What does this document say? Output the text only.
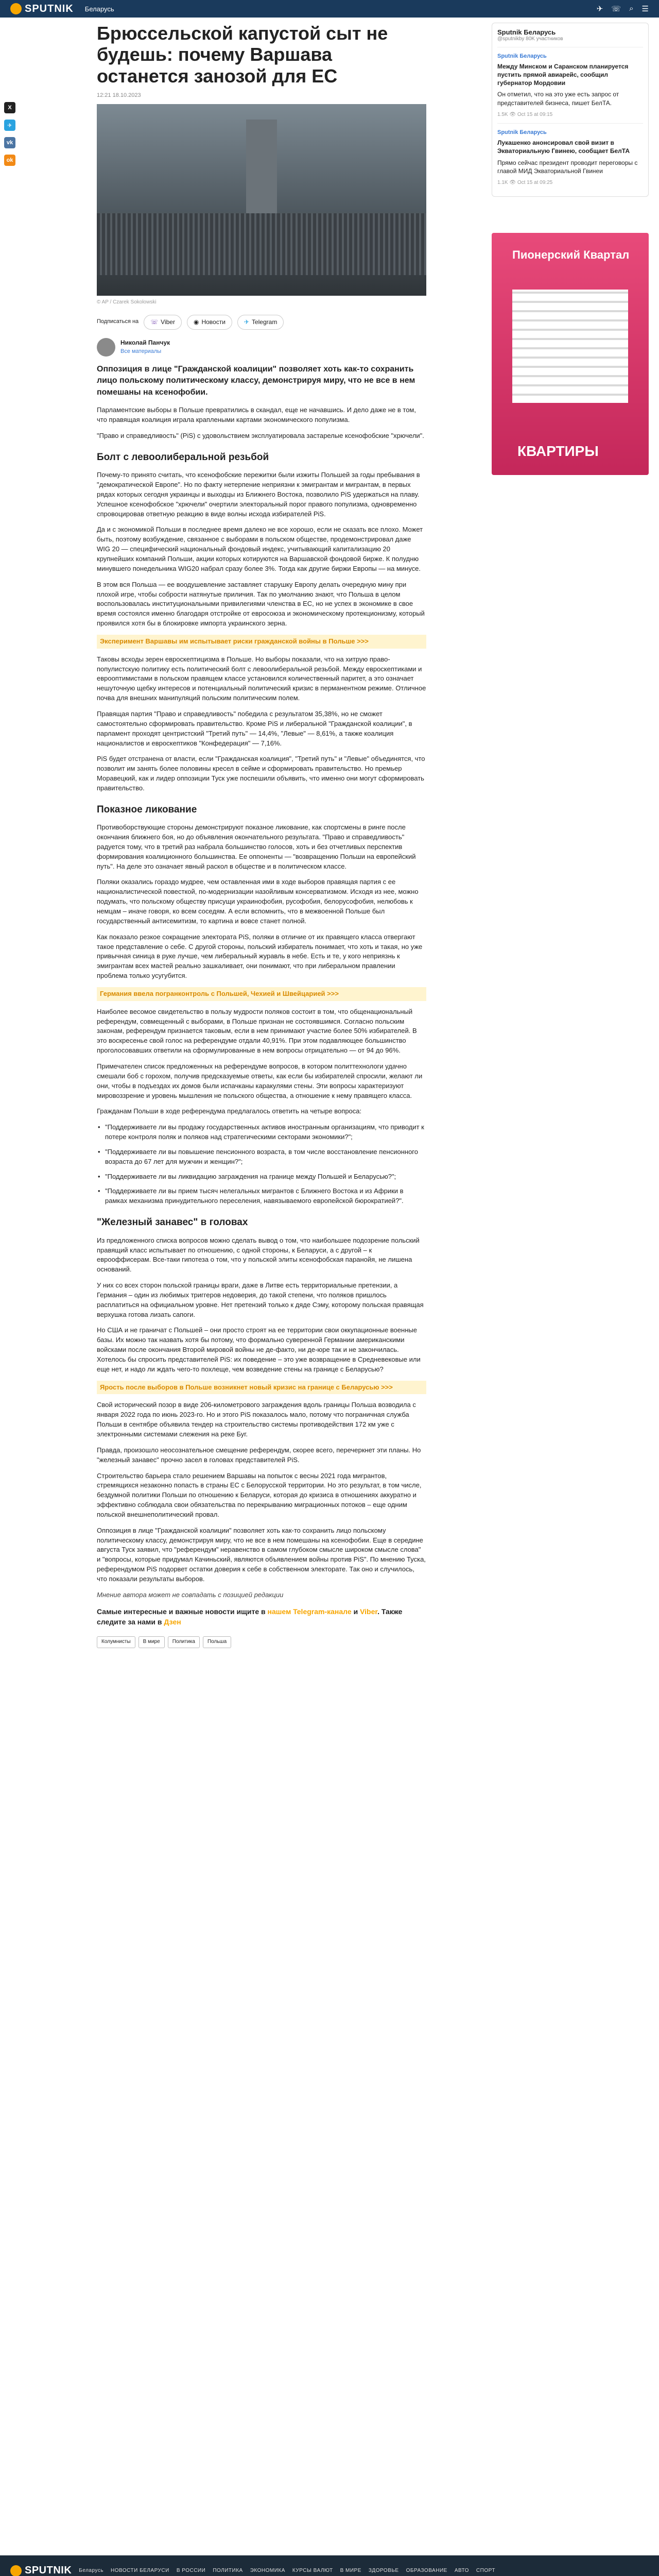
SPUTNIK Беларусь	✈ ☏ ⌕ ☰
X
✈
vk
ok
Брюссельской капустой сыт не будешь: почему Варшава останется занозой для ЕС
12:21 18.10.2023
© AP / Czarek Sokolowski
Подписаться на ☏ Viber	◉ Новости	✈ Telegram
Николай Панчук
Все материалы
Оппозиция в лице "Гражданской коалиции" позволяет хоть как-то сохранить лицо польскому политическому классу, демонстрируя миру, что не все в нем помешаны на ксенофобии.

Парламентские выборы в Польше превратились в скандал, еще не начавшись. И дело даже не в том, что правящая коалиция играла краплеными картами экономического популизма.

"Право и справедливость" (PiS) с удовольствием эксплуатировала застарелые ксенофобские "хрючели".

Болт с левоолиберальной резьбой

Почему-то принято считать, что ксенофобские пережитки были изжиты Польшей за годы пребывания в "демократической Европе". Но по факту нетерпение неприязни к эмигрантам и мигрантам, в первых рядах которых сегодня украинцы и выходцы из Ближнего Востока, позволило PiS удержаться на плаву. Успешное ксенофобское "хрючели" очертили электоральный порог правого популизма, одновременно спровоцировав ответную реакцию в виде волны исхода избирателей PiS.

Да и с экономикой Польши в последнее время далеко не все хорошо, если не сказать все плохо. Может быть, поэтому возбуждение, связанное с выборами в польском обществе, продемонстрировал даже WIG 20 — специфический национальный фондовый индекс, учитывающий капитализацию 20 крупнейших компаний Польши, акции которых котируются на Варшавской фондовой бирже. К полудню минувшего понедельника WIG20 набрал сразу более 3%. Тогда как другие биржи Европы — на минусе.

В этом вся Польша — ее воодушевление заставляет старушку Европу делать очередную мину при плохой игре, чтобы собрости натянутые приличия. Так по умолчанию знают, что Польша в целом воспользовалась институциональными привилегиями членства в ЕС, но не успех в экономике в свое время состоялся именно благодаря отстройке от евросоюза и экономическому протекционизму, который проявился хотя бы в блокировке импорта украинского зерна.

Эксперимент Варшавы им испытывает риски гражданской войны в Польше >>>

Таковы всходы зерен евроскептицизма в Польше. Но выборы показали, что на хитрую право-популистскую политику есть политический болт с левоолиберальной резьбой. Между евроскептиками и еврооптимистами в польском правящем классе установился количественный паритет, а это означает нешуточную щебку интересов и потенциальный политический кризис в перманентном режиме. Отличное почва для внешних манипуляций польским политическим полем.

Правящая партия "Право и справедливость" победила с результатом 35,38%, но не сможет самостоятельно сформировать правительство. Кроме PiS и либеральной "Гражданской коалиции", в парламент проходят центристский "Третий путь" — 14,4%, "Левые" — 8,61%, а также коалиция националистов и евроскептиков "Конфедерация" — 7,16%.

PiS будет отстранена от власти, если "Гражданская коалиция", "Третий путь" и "Левые" объединятся, что позволит им занять более половины кресел в сейме и сформировать правительство. Но премьер Моравецкий, как и лидер оппозиции Туск уже поспешили объявить, что именно они могут сформировать правительство.

Показное ликование

Противоборствующие стороны демонстрируют показное ликование, как спортсмены в ринге после окончания ближнего боя, но до объявления окончательного результата. "Право и справедливость" радуется тому, что в третий раз набрала большинство голосов, хоть и без отчетливых перспектив формирования коалиционного большинства. Ее оппоненты — "возвращению Польши на европейский путь". На деле это означает явный раскол в обществе и в политическом классе.

Поляки оказались гораздо мудрее, чем оставленная ими в ходе выборов правящая партия с ее националистической повесткой, по-модернизации назойливым консерватизмом. Исходя из нее, можно подумать, что польскому обществу присущи украинофобия, русофобия, белорусофобия, нелюбовь к немцам – иначе говоря, ко всем соседям. А если вспомнить, что в межвоенной Польше был государственный антисемитизм, то картина и вовсе станет полной.

Как показало резкое сокращение электората PiS, поляки в отличие от их правящего класса отвергают такое представление о себе. С другой стороны, польский избиратель понимает, что хоть и такая, но уже привычная синица в руке лучше, чем либеральный журавль в небе. Есть и те, у кого неприязнь к эмигрантам всех мастей реально зашкаливает, они понимают, что при либеральном правлении проблема только усугубится.

Германия ввела погранконтроль с Польшей, Чехией и Швейцарией >>>

Наиболее весомое свидетельство в пользу мудрости поляков состоит в том, что общенациональный референдум, совмещенный с выборами, в Польше признан не состоявшимся. Согласно польским законам, референдум признается таковым, если в нем принимают участие более 50% избирателей. В это воскресенье свой голос на референдуме отдали 40,91%. При этом подавляющее большинство проголосовавших ответили на сформулированные в нем вопросы отрицательно — от 94 до 96%.

Примечателен список предложенных на референдуме вопросов, в котором политтехнологи удачно смешали боб с горохом, получив предсказуемые ответы, как если бы избирателей спросили, желают ли они, чтобы в подъездах их домов были испачканы каракулями стены. Эти вопросы характеризуют мировоззрение и уровень мышления не польского общества, а отношение к нему правящего класса.

Гражданам Польши в ходе референдума предлагалось ответить на четыре вопроса:

• "Поддерживаете ли вы продажу государственных активов иностранным организациям, что приводит к потере контроля поляк и поляков над стратегическими секторами экономики?";
• "Поддерживаете ли вы повышение пенсионного возраста, в том числе восстановление пенсионного возраста до 67 лет для мужчин и женщин?";
• "Поддерживаете ли вы ликвидацию заграждения на границе между Польшей и Беларусью?";
• "Поддерживаете ли вы прием тысяч нелегальных мигрантов с Ближнего Востока и из Африки в рамках механизма принудительного переселения, навязываемого европейской бюрократией?".
"Железный занавес" в головах

Из предложенного списка вопросов можно сделать вывод о том, что наибольшее подозрение польский правящий класс испытывает по отношению, с одной стороны, к Беларуси, а с другой – к еврооффисерам. Все-таки гипотеза о том, что у польской элиты ксенофобская паранойя, не лишена оснований.

У них со всех сторон польской границы враги, даже в Литве есть территориальные претензии, а Германия – один из любимых триггеров недоверия, до такой степени, что поляков пришлось расплатиться на официальном уровне. Нет претензий только к дяде Сэму, которому польская правящая верхушка готова лизать сапоги.

Но США и не граничат с Польшей – они просто строят на ее территории свои оккупационные военные базы. Их можно так назвать хотя бы потому, что формально суверенной Германии американскими войсками после окончания Второй мировой войны не де-факто, ни де-юре так и не закончилась. Хотелось бы спросить представителей PiS: их поведение – это уже возвращение в Средневековые или еще нет, и надо ли ждать чего-то похлеще, чем возведение стены на границе с Беларусью?

Ярость после выборов в Польше возникнет новый кризис на границе с Беларусью >>>

Свой исторический позор в виде 206-километрового заграждения вдоль границы Польша возводила с января 2022 года по июнь 2023-го. Но и этого PiS показалось мало, потому что пограничная служба Польши в сентябре объявила тендер на строительство системы противодействия 172 км уже с электронными системами слежения на реке Буг.

Правда, произошло неосознательное смещение референдум, скорее всего, перечеркнет эти планы. Но "железный занавес" прочно засел в головах представителей PiS.

Строительство барьера стало решением Варшавы на попыток с весны 2021 года мигрантов, стремящихся незаконно попасть в страны ЕС с Белорусской территории. Но это результат, в том числе, бездумной политики Польши по отношению к Беларуси, которая до кризиса в отношениях аккуратно и эффективно соблюдала свои обязательства по перекрыванию миграционных потоков – еще одним польской внешнеполитический провал.

Оппозиция в лице "Гражданской коалиции" позволяет хоть как-то сохранить лицо польскому политическому классу, демонстрируя миру, что не все в нем помешаны на ксенофобии. Еще в середине августа Туск заявил, что "референдум" неравенство в самом глубоком смысле широком смысле слова" и "вопросы, которые придумал Качиньский, являются объявлением войны против PiS". По мнению Туска, референдумом PiS подорвет остатки доверия к себе в собственном электорате. Так оно и случилось, что показали результаты выборов.

Мнение автора может не совпадать с позицией редакции

Самые интересные и важные новости ищите в нашем Telegram-канале и Viber. Также следите за нами в Дзен
Колумнисты	В мире	Политика	Польша
Sputnik Беларусь
@sputnikby 80K участников
Sputnik Беларусь
Между Минском и Саранском планируется пустить прямой авиарейс, сообщил губернатор Мордовии
Он отметил, что на это уже есть запрос от представителей бизнеса, пишет БелТА.
1.5K 👁 Oct 15 at 09:15
Sputnik Беларусь
Лукашенко анонсировал свой визит в Экваториальную Гвинею, сообщает БелТА
Прямо сейчас президент проводит переговоры с главой МИД Экваториальной Гвинеи
1.1K 👁 Oct 15 at 09:25
Пионерский Квартал
КВАРТИРЫ
SPUTNIK Беларусь НОВОСТИ БЕЛАРУСИ В РОССИИ ПОЛИТИКА ЭКОНОМИКА КУРСЫ ВАЛЮТ В МИРЕ ЗДОРОВЬЕ ОБРАЗОВАНИЕ АВТО СПОРТ
